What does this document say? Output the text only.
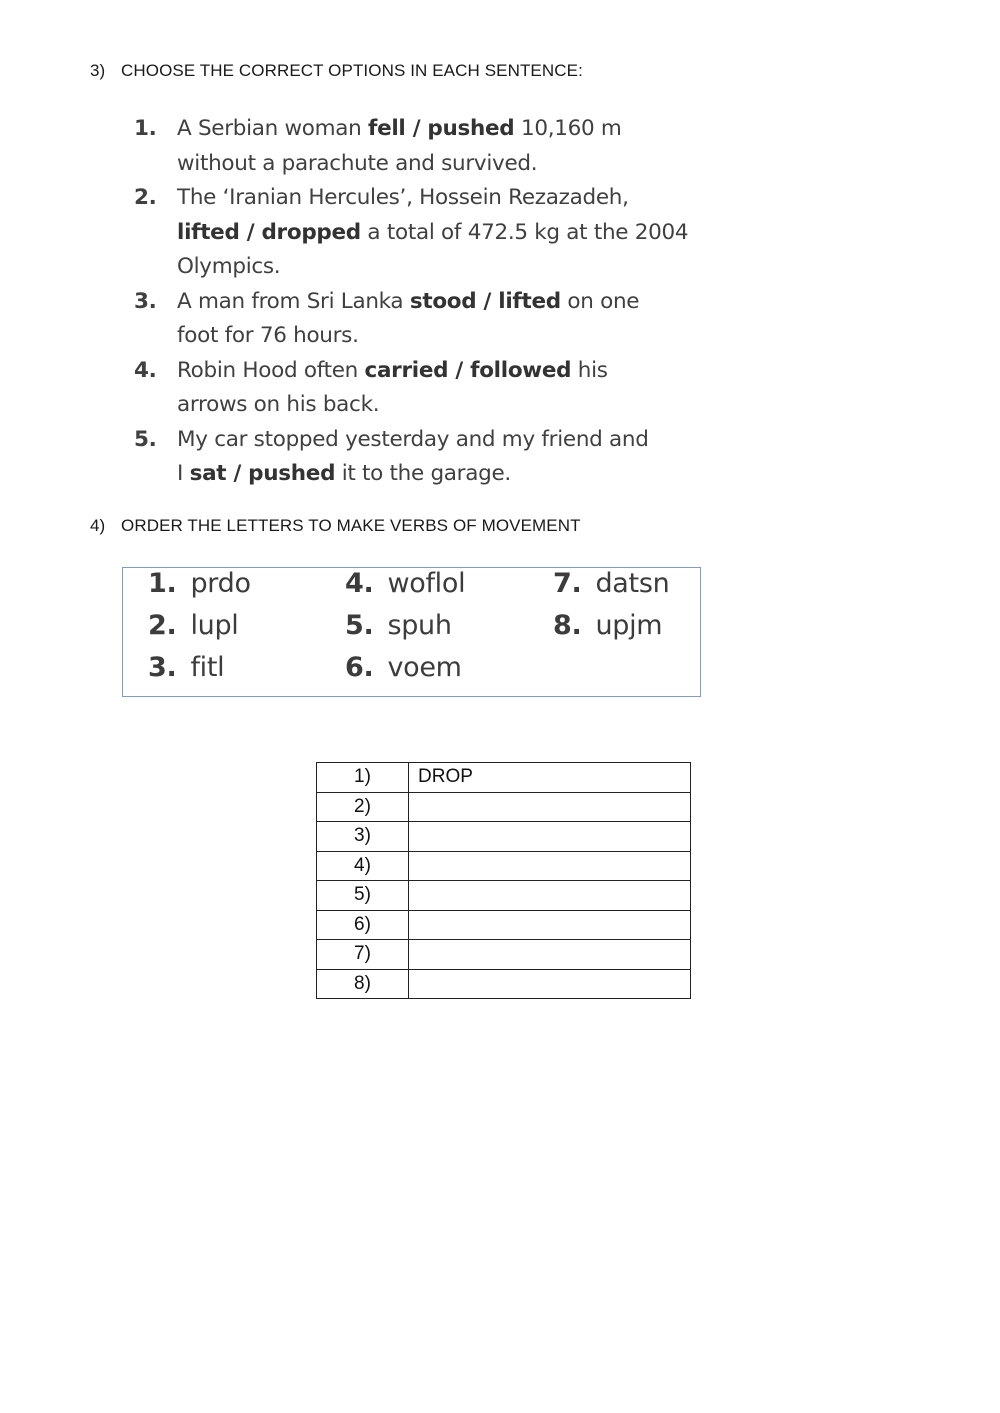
3) CHOOSE THE CORRECT OPTIONS IN EACH SENTENCE:
1. A Serbian woman fell / pushed 10,160 m
without a parachute and survived.
2. The ‘Iranian Hercules’, Hossein Rezazadeh,
lifted / dropped a total of 472.5 kg at the 2004
Olympics.
3. A man from Sri Lanka stood / lifted on one
foot for 76 hours.
4. Robin Hood often carried / followed his
arrows on his back.
5. My car stopped yesterday and my friend and
I sat / pushed it to the garage.
4) ORDER THE LETTERS TO MAKE VERBS OF MOVEMENT
1. prdo
2. lupl
3. fitl
4. woflol
5. spuh
6. voem
7. datsn
8. upjm
1)	DROP
2)	
3)	
4)	
5)	
6)	
7)	
8)	
